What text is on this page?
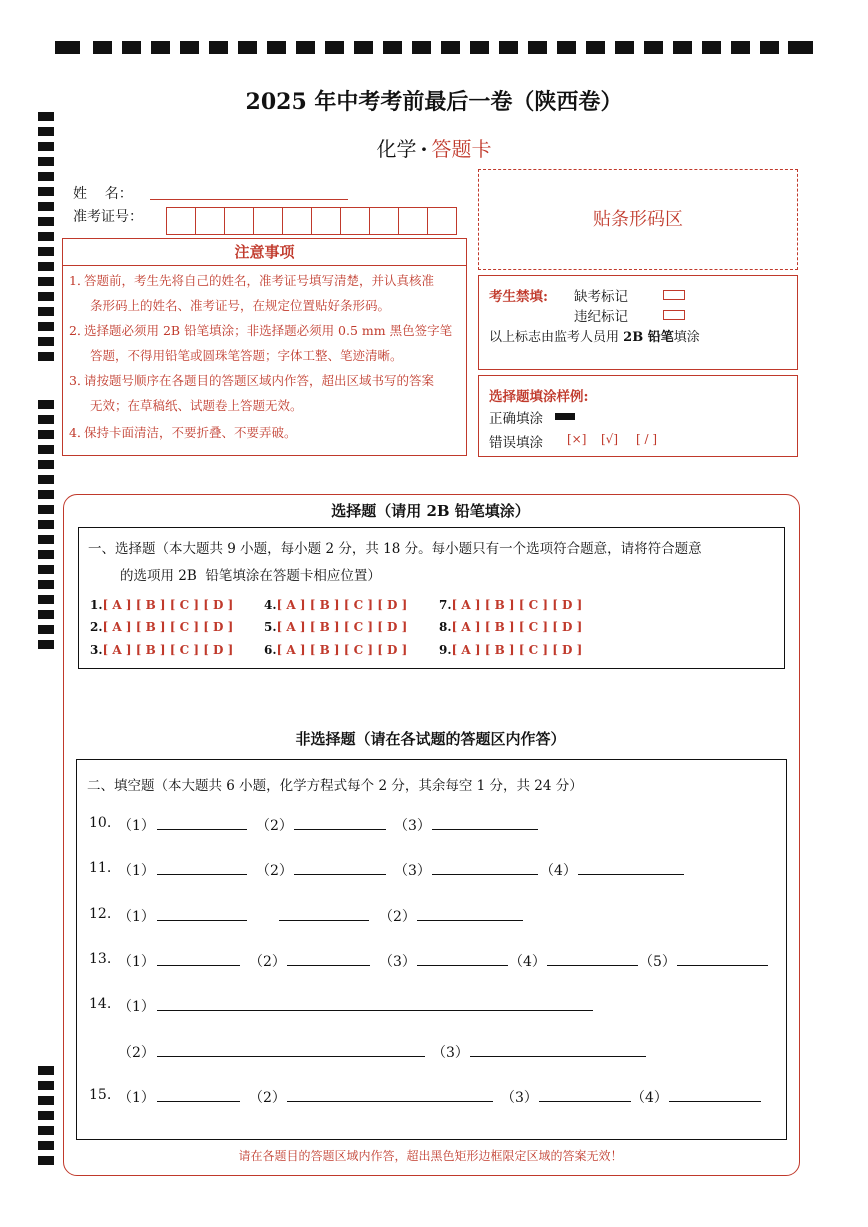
2025 年中考考前最后一卷（陕西卷）
化学 · 答题卡
姓    名：
准考证号：	贴条形码区
注意事项
1．答题前，考生先将自己的姓名，准考证号填写清楚，并认真核准
条形码上的姓名、准考证号，在规定位置贴好条形码。
2．选择题必须用 2B 铅笔填涂；非选择题必须用 0.5 mm 黑色签字笔
答题，不得用铅笔或圆珠笔答题；字体工整、笔迹清晰。
3．请按题号顺序在各题目的答题区域内作答，超出区域书写的答案
无效；在草稿纸、试题卷上答题无效。
4．保持卡面清洁，不要折叠、不要弄破。
考生禁填: 缺考标记
违纪标记
以上标志由监考人员用 2B 铅笔填涂
选择题填涂样例:
正确填涂
错误填涂 [×] [√] [ / ]
选择题（请用 2B 铅笔填涂）
一、选择题（本大题共 9 小题，每小题 2 分，共 18 分。每小题只有一个选项符合题意，请将符合题意
的选项用 2B  铅笔填涂在答题卡相应位置）
1.[ A ] [ B ] [ C ] [ D ]
2.[ A ] [ B ] [ C ] [ D ]
3.[ A ] [ B ] [ C ] [ D ]
4.[ A ] [ B ] [ C ] [ D ]
5.[ A ] [ B ] [ C ] [ D ]
6.[ A ] [ B ] [ C ] [ D ]
7.[ A ] [ B ] [ C ] [ D ]
8.[ A ] [ B ] [ C ] [ D ]
9.[ A ] [ B ] [ C ] [ D ]
非选择题（请在各试题的答题区内作答）
二、填空题（本大题共 6 小题，化学方程式每个 2 分，其余每空 1 分，共 24 分）
10. （1）	（2）	（3）
11. （1）	（2）	（3）	（4）
12. （1）	（2）
13. （1）	（2）	（3）	（4）	（5）
14. （1）
（2）	（3）
15. （1）	（2）	（3）	（4）
请在各题目的答题区域内作答，超出黑色矩形边框限定区域的答案无效！
